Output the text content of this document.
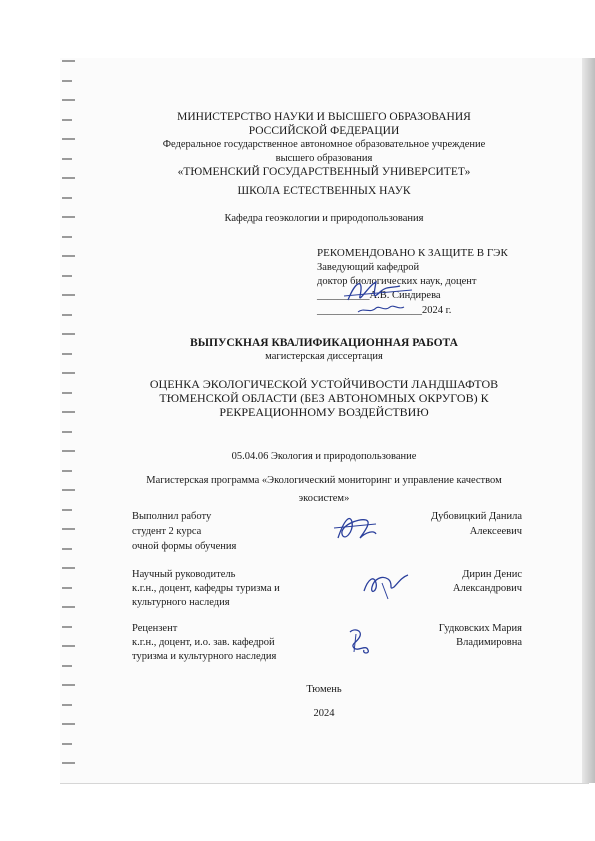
МИНИСТЕРСТВО НАУКИ И ВЫСШЕГО ОБРАЗОВАНИЯ
РОССИЙСКОЙ ФЕДЕРАЦИИ
Федеральное государственное автономное образовательное учреждение
высшего образования
«ТЮМЕНСКИЙ ГОСУДАРСТВЕННЫЙ УНИВЕРСИТЕТ»
ШКОЛА ЕСТЕСТВЕННЫХ НАУК
Кафедра геоэкологии и природопользования
РЕКОМЕНДОВАНО К ЗАЩИТЕ В ГЭК
Заведующий кафедрой
доктор биологических наук, доцент
__________А.В. Синдирева
____________________2024 г.
ВЫПУСКНАЯ КВАЛИФИКАЦИОННАЯ РАБОТА
магистерская диссертация
ОЦЕНКА ЭКОЛОГИЧЕСКОЙ УСТОЙЧИВОСТИ ЛАНДШАФТОВ
ТЮМЕНСКОЙ ОБЛАСТИ (БЕЗ АВТОНОМНЫХ ОКРУГОВ) К
РЕКРЕАЦИОННОМУ ВОЗДЕЙСТВИЮ
05.04.06 Экология и природопользование
Магистерская программа «Экологический мониторинг и управление качеством
экосистем»
Выполнил работу
студент 2 курса
очной формы обучения
Дубовицкий Данила
Алексеевич
Научный руководитель
к.г.н., доцент, кафедры туризма и
культурного наследия
Дирин Денис
Александрович
Рецензент
к.г.н., доцент, и.о. зав. кафедрой
туризма и культурного наследия
Гудковских Мария
Владимировна
Тюмень
2024
